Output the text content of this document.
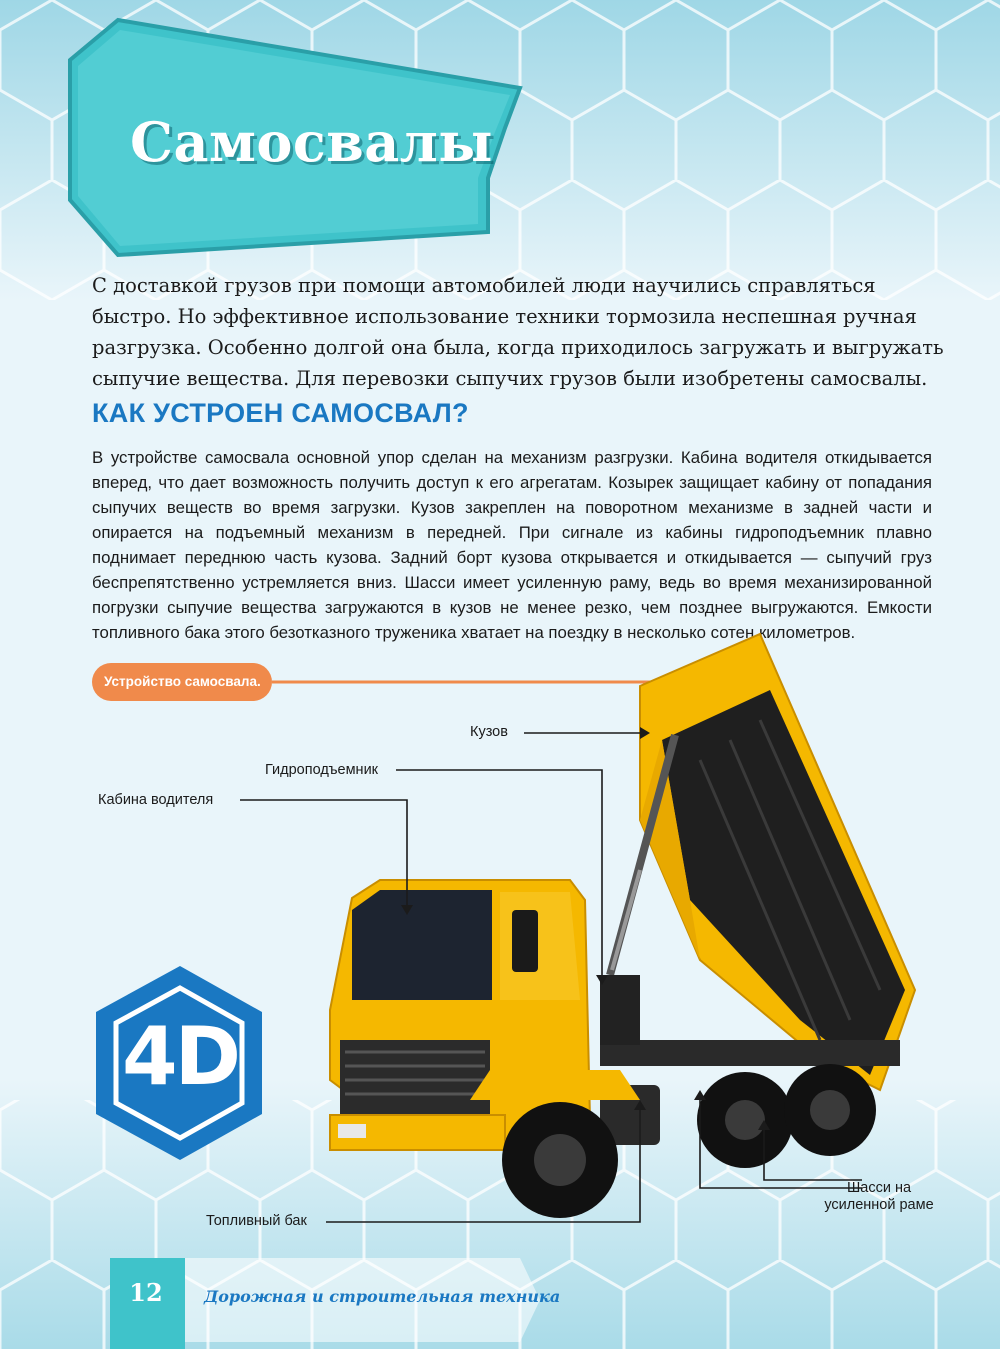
Самосвалы

С доставкой грузов при помощи автомобилей люди научились справляться быстро. Но эффективное использование техники тормозила неспешная ручная разгрузка. Особенно долгой она была, когда приходилось загружать и выгружать сыпучие вещества. Для перевозки сыпучих грузов были изобретены самосвалы.

КАК УСТРОЕН САМОСВАЛ?

В устройстве самосвала основной упор сделан на механизм разгрузки. Кабина водителя откидывается вперед, что дает возможность получить доступ к его агрегатам. Козырек защищает кабину от попадания сыпучих веществ во время загрузки. Кузов закреплен на поворотном механизме в задней части и опирается на подъемный механизм в передней. При сигнале из кабины гидроподъемник плавно поднимает переднюю часть кузова. Задний борт кузова открывается и откидывается — сыпучий груз беспрепятственно устремляется вниз. Шасси имеет усиленную раму, ведь во время механизированной погрузки сыпучие вещества загружаются в кузов не менее резко, чем позднее выгружаются. Емкости топливного бака этого безотказного труженика хватает на поездку в несколько сотен километров.

Устройство самосвала.
Кузов
Гидроподъемник
Кабина водителя
Топливный бак
Шасси на усиленной раме
4D
12	Дорожная и строительная техника
